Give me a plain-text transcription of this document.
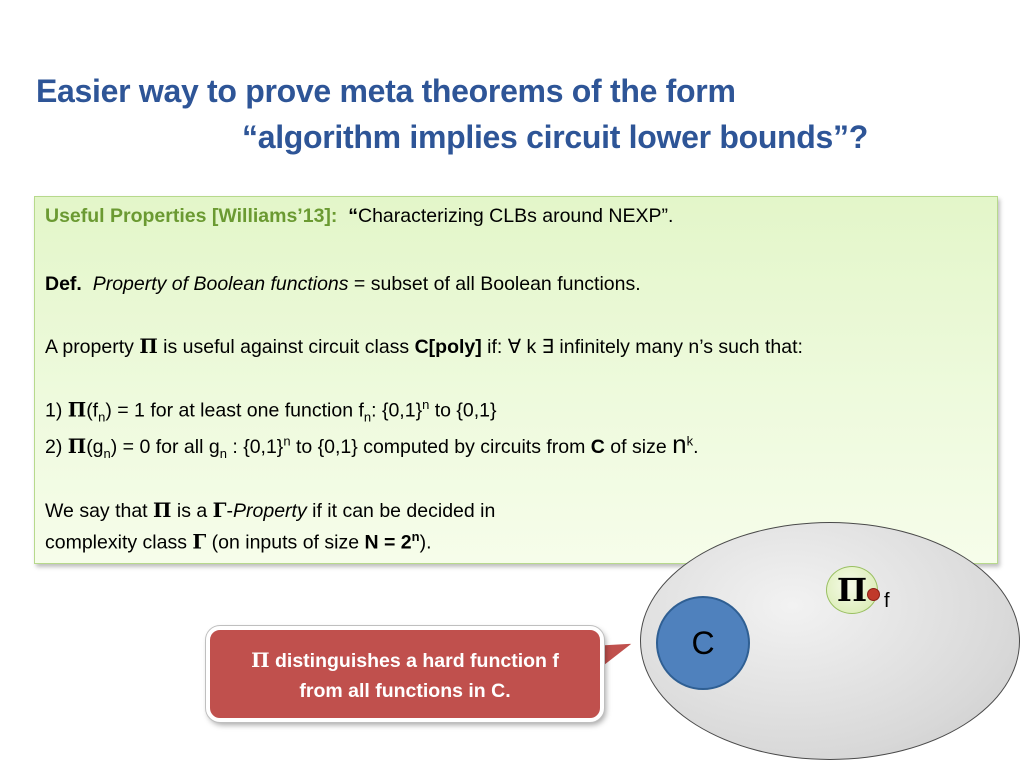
Easier way to prove meta theorems of the form
“algorithm implies circuit lower bounds”?
Useful Properties [Williams’13]: “Characterizing CLBs around NEXP”.
Def. Property of Boolean functions = subset of all Boolean functions.
A property Π is useful against circuit class C[poly] if: ∀ k ∃ infinitely many n’s such that:
1) $\Pi(f_n) = 1$ for at least one function $f_n$: $\{0,1\}^n$ to {0,1}
2) $\Pi(g_n) = 0$ for all $g_n$ : $\{0,1\}^n$ to {0,1} computed by circuits from C of size $n^k$.
We say that Π is a Γ-Property if it can be decided in
complexity class Γ (on inputs of size $N = 2^n$).
Π f
C
Π distinguishes a hard function f
from all functions in C.
